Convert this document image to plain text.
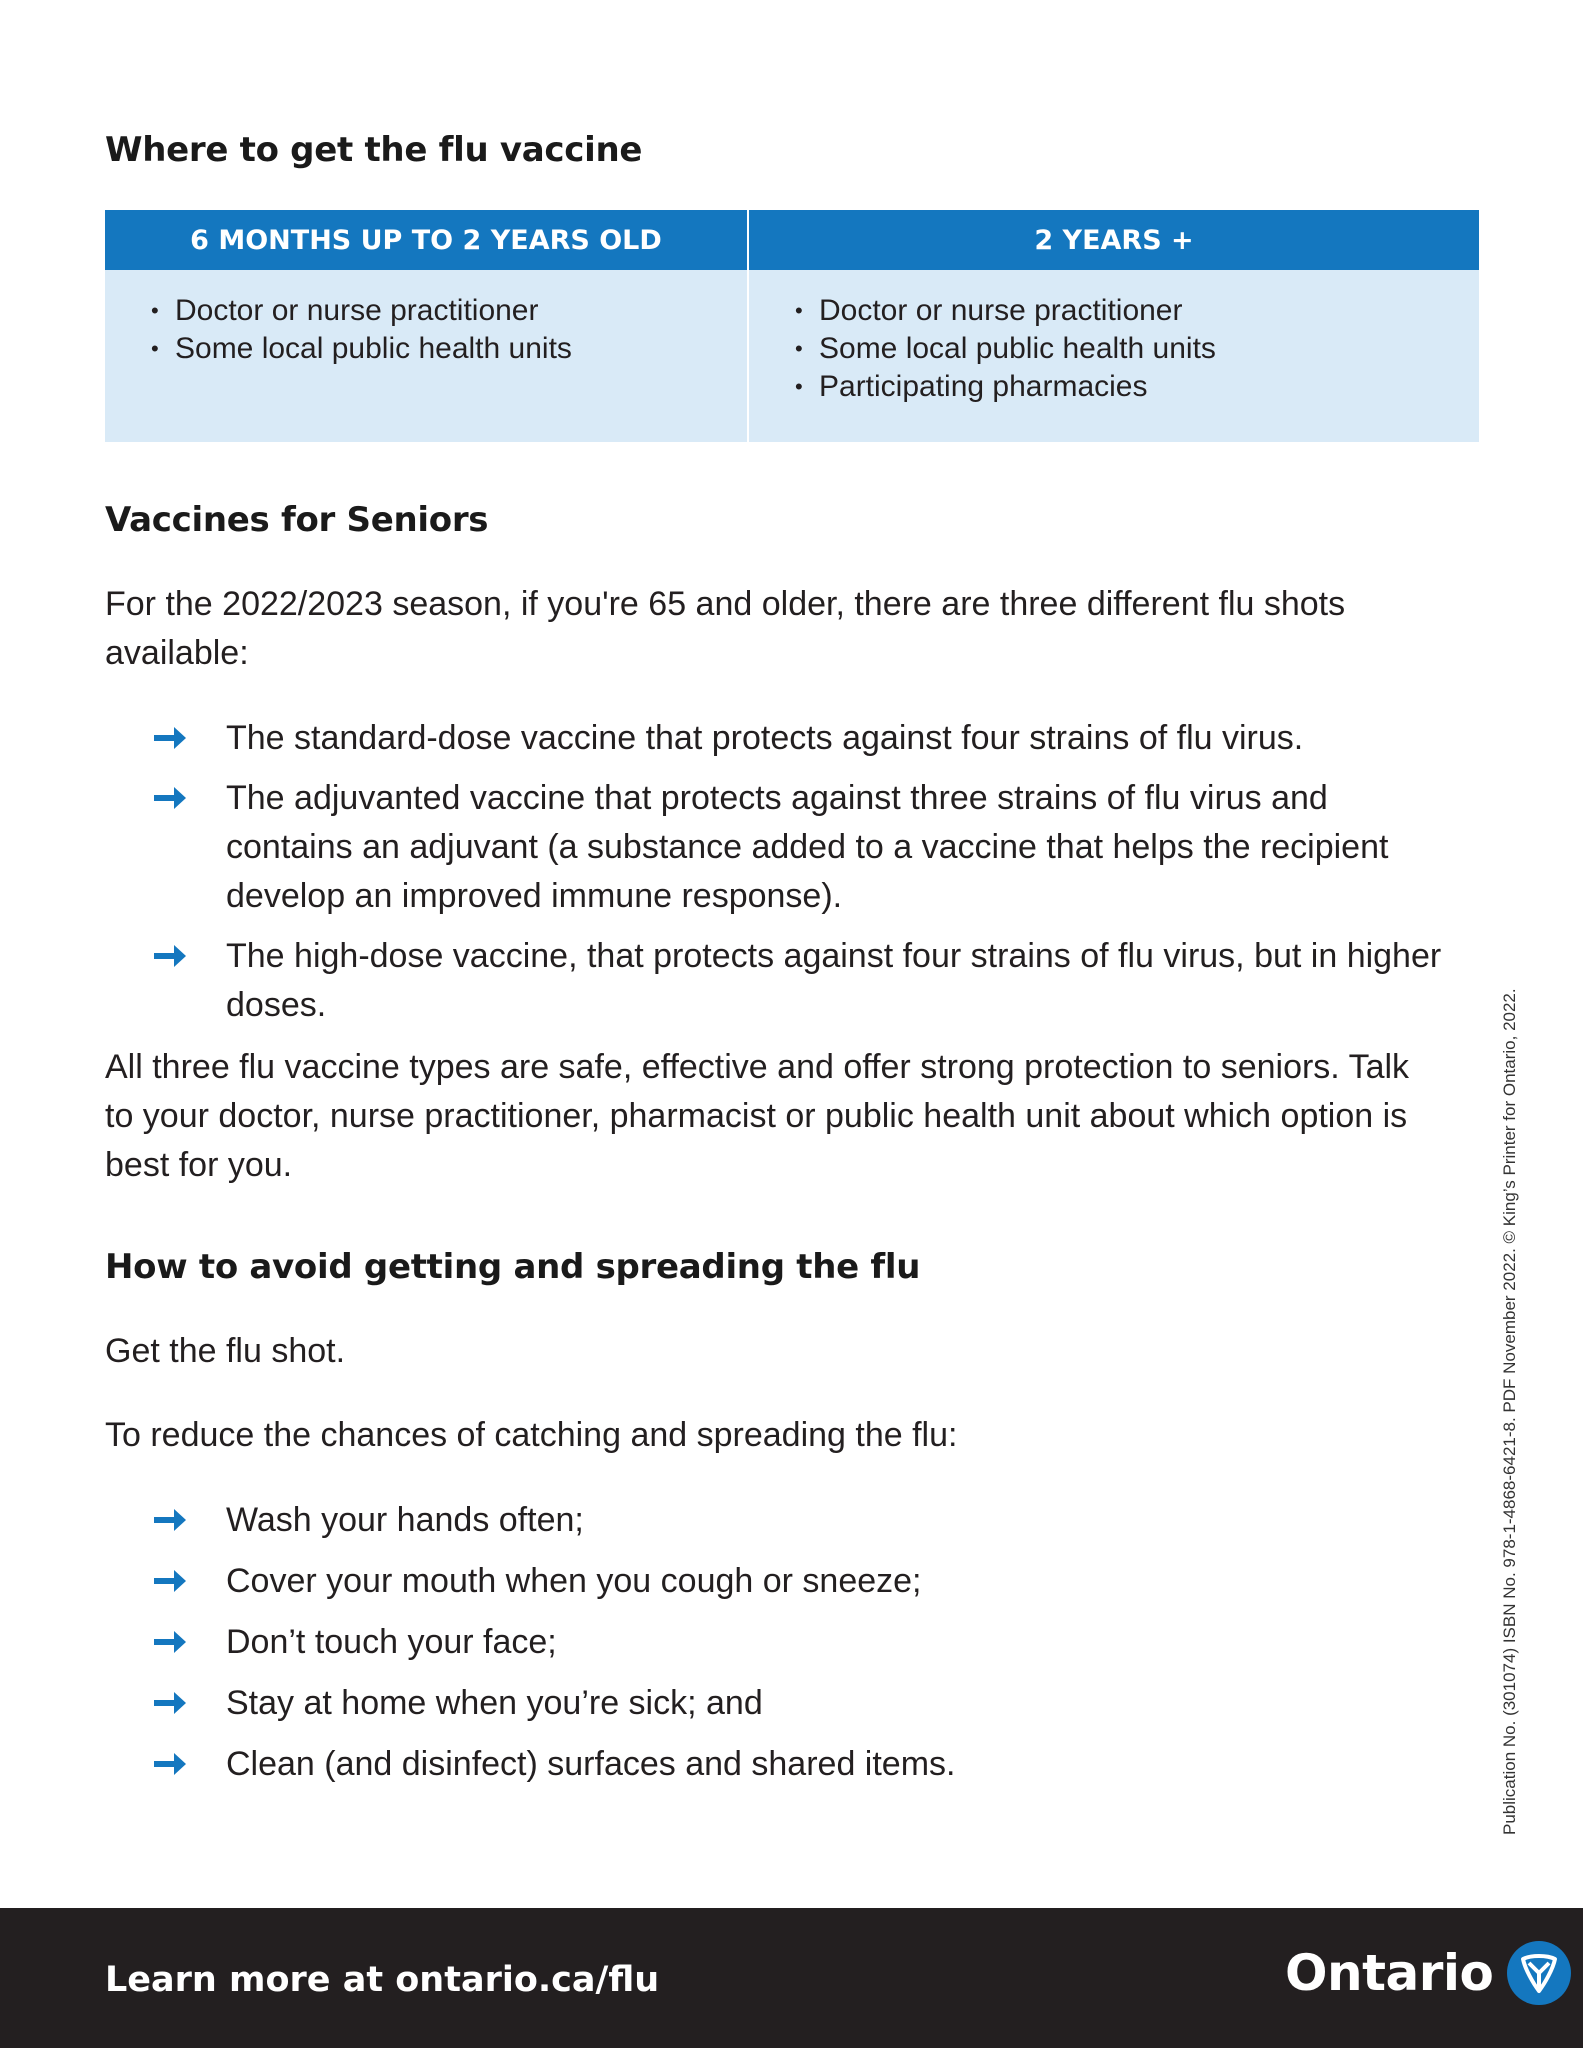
Where to get the flu vaccine
6 MONTHS UP TO 2 YEARS OLD
• Doctor or nurse practitioner
• Some local public health units
2 YEARS +
• Doctor or nurse practitioner
• Some local public health units
• Participating pharmacies
Vaccines for Seniors

For the 2022/2023 season, if you're 65 and older, there are three different flu shots available:

The standard-dose vaccine that protects against four strains of flu virus.
The adjuvanted vaccine that protects against three strains of flu virus and contains an adjuvant (a substance added to a vaccine that helps the recipient develop an improved immune response).
The high-dose vaccine, that protects against four strains of flu virus, but in higher doses.

All three flu vaccine types are safe, effective and offer strong protection to seniors. Talk to your doctor, nurse practitioner, pharmacist or public health unit about which option is best for you.

How to avoid getting and spreading the flu

Get the flu shot.

To reduce the chances of catching and spreading the flu:

Wash your hands often;
Cover your mouth when you cough or sneeze;
Don’t touch your face;
Stay at home when you’re sick; and
Clean (and disinfect) surfaces and shared items.	Publication No. (301074) ISBN No. 978-1-4868-6421-8. PDF November 2022. © King’s Printer for Ontario, 2022.

Learn more at ontario.ca/flu	Ontario
